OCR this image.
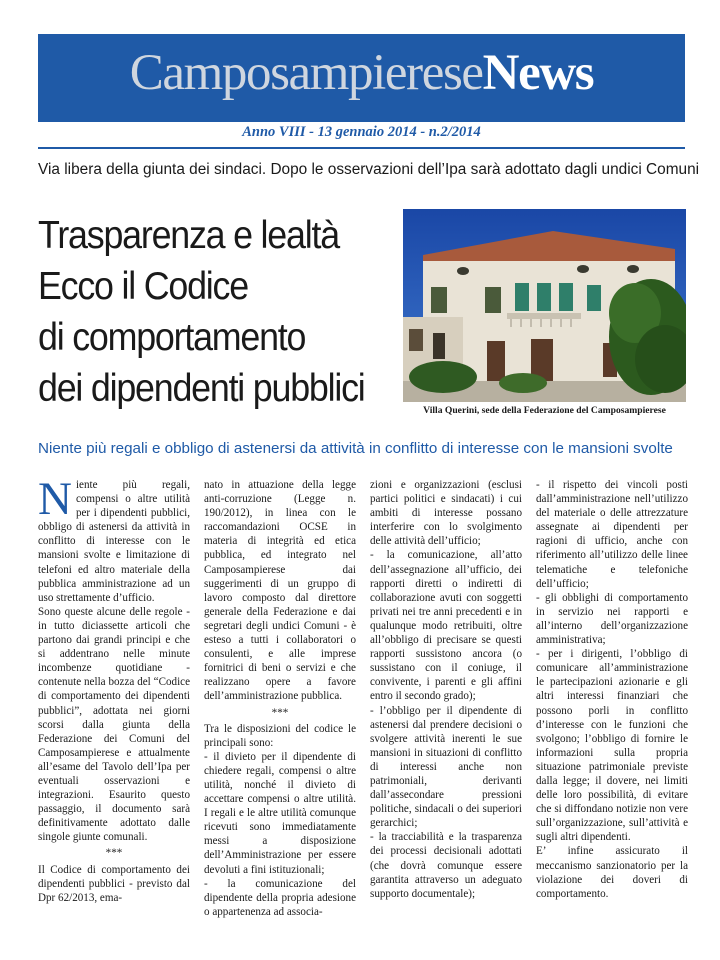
CamposampiereseNews
Anno VIII - 13 gennaio 2014 - n.2/2014
Via libera della giunta dei sindaci. Dopo le osservazioni dell’Ipa sarà adottato dagli undici Comuni
Trasparenza e lealtà
Ecco il Codice
di comportamento
dei dipendenti pubblici
Villa Querini, sede della Federazione del Camposampierese
Niente più regali e obbligo di astenersi da attività in conflitto di interesse con le mansioni svolte

Niente più regali, compensi o altre utilità per i dipendenti pubblici, obbligo di astenersi da attività in conflitto di interesse con le mansioni svolte e limitazione di telefoni ed altro materiale della pubblica amministrazione ad un uso strettamente d’ufficio.

Sono queste alcune delle regole - in tutto diciassette articoli che partono dai grandi principi e che si addentrano nelle minute incombenze quotidiane - contenute nella bozza del “Codice di comportamento dei dipendenti pubblici”, adottata nei giorni scorsi dalla giunta della Federazione dei Comuni del Camposampierese e attualmente all’esame del Tavolo dell’Ipa per eventuali osservazioni e integrazioni. Esaurito questo passaggio, il documento sarà definitivamente adottato dalle singole giunte comunali.

***

Il Codice di comportamento dei dipendenti pubblici - previsto dal Dpr 62/2013, ema-

nato in attuazione della legge anti-corruzione (Legge n. 190/2012), in linea con le raccomandazioni OCSE in materia di integrità ed etica pubblica, ed integrato nel Camposampierese dai suggerimenti di un gruppo di lavoro composto dal direttore generale della Federazione e dai segretari degli undici Comuni - è esteso a tutti i collaboratori o consulenti, e alle imprese fornitrici di beni o servizi e che realizzano opere a favore dell’amministrazione pubblica.

***

Tra le disposizioni del codice le principali sono:

- il divieto per il dipendente di chiedere regali, compensi o altre utilità, nonché il divieto di accettare compensi o altre utilità. I regali e le altre utilità comunque ricevuti sono immediatamente messi a disposizione dell’Amministrazione per essere devoluti a fini istituzionali;

- la comunicazione del dipendente della propria adesione o appartenenza ad associa-

zioni e organizzazioni (esclusi partici politici e sindacati) i cui ambiti di interesse possano interferire con lo svolgimento delle attività dell’ufficio;

- la comunicazione, all’atto dell’assegnazione all’ufficio, dei rapporti diretti o indiretti di collaborazione avuti con soggetti privati nei tre anni precedenti e in qualunque modo retribuiti, oltre all’obbligo di precisare se questi rapporti sussistono ancora (o sussistano con il coniuge, il convivente, i parenti e gli affini entro il secondo grado);

- l’obbligo per il dipendente di astenersi dal prendere decisioni o svolgere attività inerenti le sue mansioni in situazioni di conflitto di interessi anche non patrimoniali, derivanti dall’assecondare pressioni politiche, sindacali o dei superiori gerarchici;

- la tracciabilità e la trasparenza dei processi decisionali adottati (che dovrà comunque essere garantita attraverso un adeguato supporto documentale);

- il rispetto dei vincoli posti dall’amministrazione nell’utilizzo del materiale o delle attrezzature assegnate ai dipendenti per ragioni di ufficio, anche con riferimento all’utilizzo delle linee telematiche e telefoniche dell’ufficio;

- gli obblighi di comportamento in servizio nei rapporti e all’interno dell’organizzazione amministrativa;

- per i dirigenti, l’obbligo di comunicare all’amministrazione le partecipazioni azionarie e gli altri interessi finanziari che possono porli in conflitto d’interesse con le funzioni che svolgono; l’obbligo di fornire le informazioni sulla propria situazione patrimoniale previste dalla legge; il dovere, nei limiti delle loro possibilità, di evitare che si diffondano notizie non vere sull’organizzazione, sull’attività e sugli altri dipendenti.

E’ infine assicurato il meccanismo sanzionatorio per la violazione dei doveri di comportamento.
